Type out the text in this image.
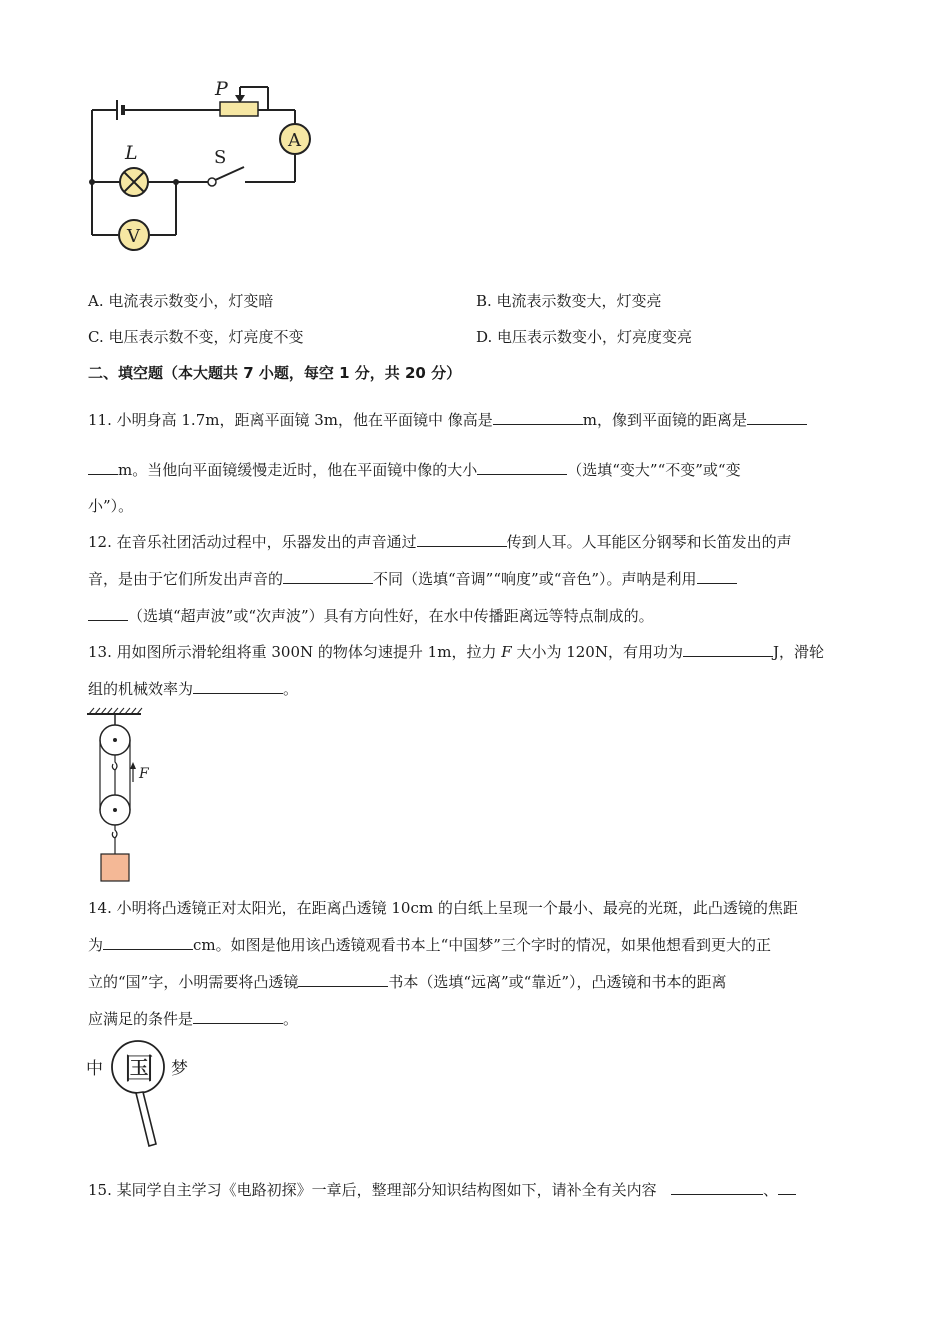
P
L	S
A
V
A. 电流表示数变小，灯变暗	B. 电流表示数变大，灯变亮
C. 电压表示数不变，灯亮度不变	D. 电压表示数变小，灯亮度变亮
二、填空题（本大题共 7 小题，每空 1 分，共 20 分）
11. 小明身高 1.7m，距离平面镜 3m，他在平面镜中 像高是	m，像到平面镜的距离是
m。当他向平面镜缓慢走近时，他在平面镜中像的大小	（选填“变大”“不变”或“变
小”）。
12. 在音乐社团活动过程中，乐器发出的声音通过	传到人耳。人耳能区分钢琴和长笛发出的声
音，是由于它们所发出声音的	不同（选填“音调”“响度”或“音色”）。声呐是利用
（选填“超声波”或“次声波”）具有方向性好，在水中传播距离远等特点制成的。
13. 用如图所示滑轮组将重 300N 的物体匀速提升 1m，拉力 F 大小为 120N，有用功为	J，滑轮
组的机械效率为	。
F
14. 小明将凸透镜正对太阳光，在距离凸透镜 10cm 的白纸上呈现一个最小、最亮的光斑，此凸透镜的焦距
为	cm。如图是他用该凸透镜观看书本上“中国梦”三个字时的情况，如果他想看到更大的正
立的“国”字，小明需要将凸透镜	书本（选填“远离”或“靠近”），凸透镜和书本的距离
应满足的条件是	。
中 国 梦
15. 某同学自主学习《电路初探》一章后，整理部分知识结构图如下，请补全有关内容	、
